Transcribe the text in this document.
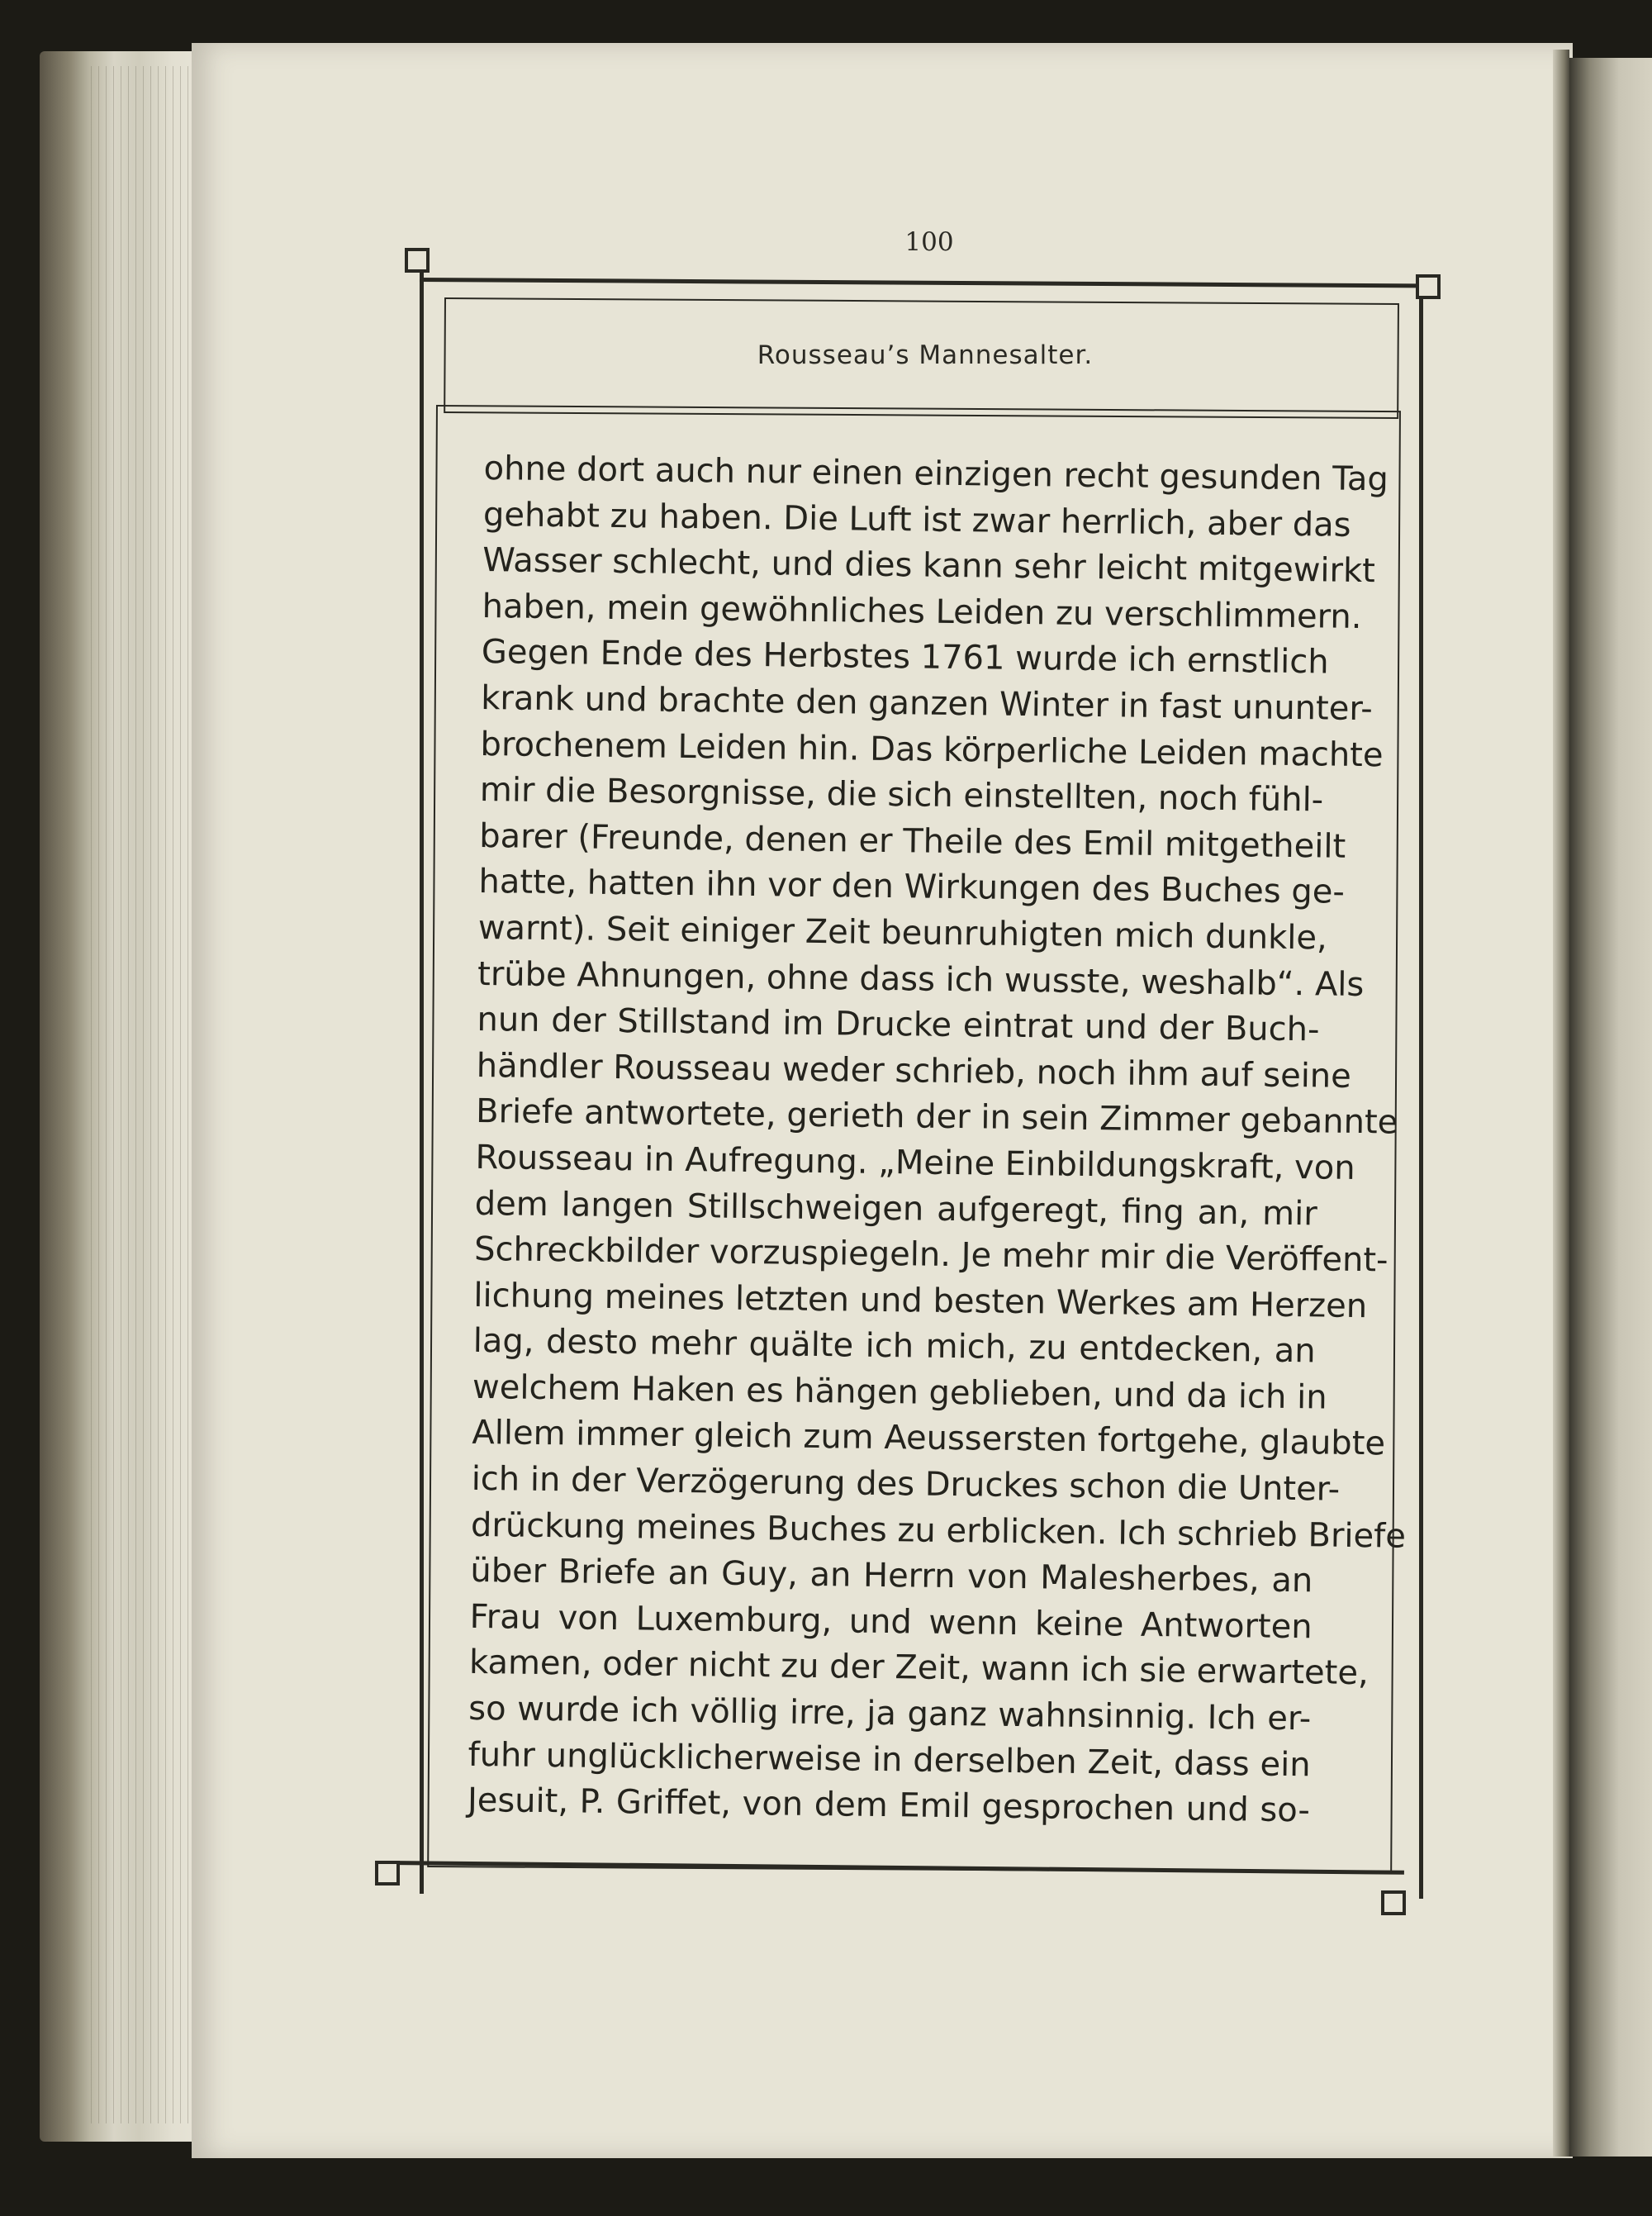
100
Rousseau’s Mannesalter.
ohne dort auch nur einen einzigen recht gesunden Tag
gehabt zu haben. Die Luft ist zwar herrlich, aber das
Wasser schlecht, und dies kann sehr leicht mitgewirkt
haben, mein gewöhnliches Leiden zu verschlimmern.
Gegen Ende des Herbstes 1761 wurde ich ernstlich
krank und brachte den ganzen Winter in fast ununter-
brochenem Leiden hin. Das körperliche Leiden machte
mir die Besorgnisse, die sich einstellten, noch fühl-
barer (Freunde, denen er Theile des Emil mitgetheilt
hatte, hatten ihn vor den Wirkungen des Buches ge-
warnt). Seit einiger Zeit beunruhigten mich dunkle,
trübe Ahnungen, ohne dass ich wusste, weshalb“. Als
nun der Stillstand im Drucke eintrat und der Buch-
händler Rousseau weder schrieb, noch ihm auf seine
Briefe antwortete, gerieth der in sein Zimmer gebannte
Rousseau in Aufregung. „Meine Einbildungskraft, von
dem langen Stillschweigen aufgeregt, fing an, mir
Schreckbilder vorzuspiegeln. Je mehr mir die Veröffent-
lichung meines letzten und besten Werkes am Herzen
lag, desto mehr quälte ich mich, zu entdecken, an
welchem Haken es hängen geblieben, und da ich in
Allem immer gleich zum Aeussersten fortgehe, glaubte
ich in der Verzögerung des Druckes schon die Unter-
drückung meines Buches zu erblicken. Ich schrieb Briefe
über Briefe an Guy, an Herrn von Malesherbes, an
Frau von Luxemburg, und wenn keine Antworten
kamen, oder nicht zu der Zeit, wann ich sie erwartete,
so wurde ich völlig irre, ja ganz wahnsinnig. Ich er-
fuhr unglücklicherweise in derselben Zeit, dass ein
Jesuit, P. Griffet, von dem Emil gesprochen und so-
